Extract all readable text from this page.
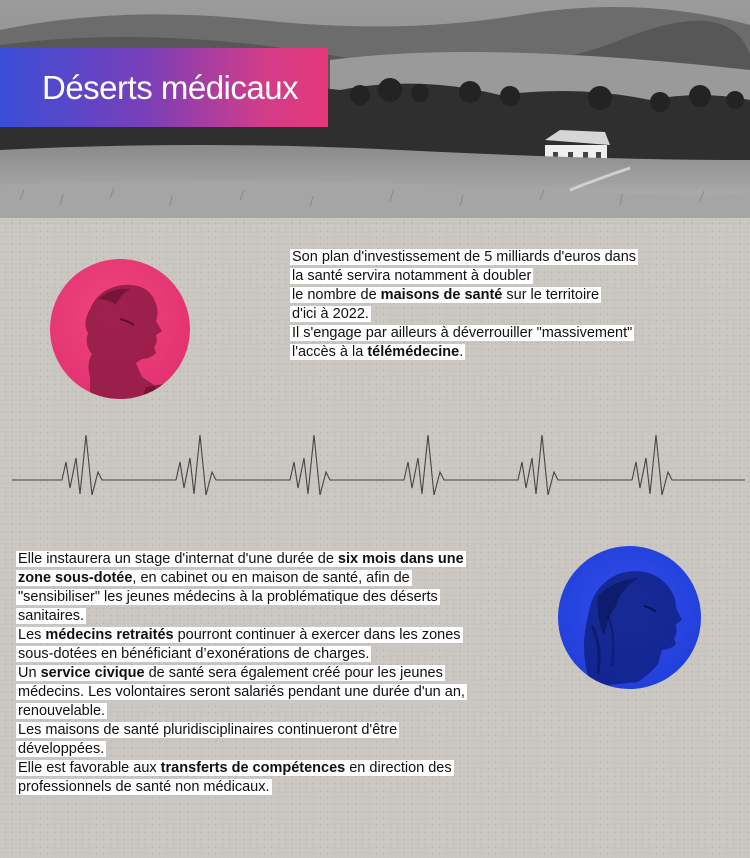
Déserts médicaux

Son plan d'investissement de 5 milliards d'euros dans

la santé servira notamment à doubler

le nombre de maisons de santé sur le territoire

d'ici à 2022.

Il s'engage par ailleurs à déverrouiller "massivement"

l'accès à la télémédecine.

Elle instaurera un stage d'internat d'une durée de six mois dans une zone sous-dotée, en cabinet ou en maison de santé, afin de "sensibiliser" les jeunes médecins à la problématique des déserts sanitaires.

Les médecins retraités pourront continuer à exercer dans les zones sous-dotées en bénéficiant d’exonérations de charges.

Un service civique de santé sera également créé pour les jeunes médecins. Les volontaires seront salariés pendant une durée d'un an, renouvelable.

Les maisons de santé pluridisciplinaires continueront d'être développées.

Elle est favorable aux transferts de compétences en direction des professionnels de santé non médicaux.
